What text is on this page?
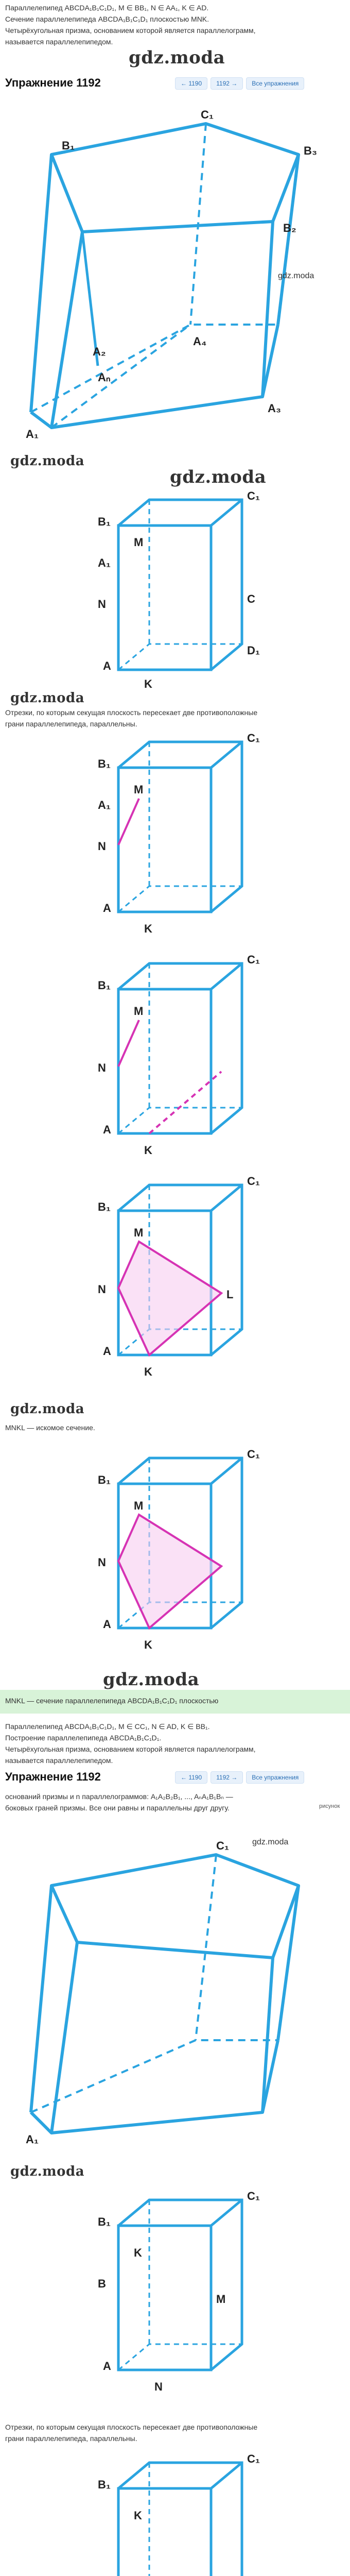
Параллелепипед ABCDA₁B₁C₁D₁, M ∈ BB₁, N ∈ AA₁, K ∈ AD.
Сечение параллелепипеда ABCDA₁B₁C₁D₁ плоскостью MNK.
Четырёхугольная призма, основанием которой является параллелограмм,
называется параллелепипедом.
gdz.moda
← 1190	1192 →	Все упражнения
Упражнение 1192
B₁
C₁
B₂
B₃
A₂
Aₙ
A₁
A₄
A₃
gdz.moda
gdz.moda
gdz.moda
B₁
C₁
A₁
D₁
M
N
A
K
C
gdz.moda
Отрезки, по которым секущая плоскость пересекает две противоположные
грани параллелепипеда, параллельны.
B₁
C₁
A₁
M
N
A
K
B₁
C₁
M
N
A
K
B₁
C₁
M
N	L
A
K
gdz.moda
MNKL — искомое сечение.
B₁
C₁
M
N
A
K
gdz.moda
MNKL — сечение параллелепипеда ABCDA₁B₁C₁D₁ плоскостью
Параллелепипед ABCDA₁B₁C₁D₁, M ∈ CC₁, N ∈ AD, K ∈ BB₁.
Построение параллелепипеда ABCDA₁B₁C₁D₁.
Четырёхугольная призма, основанием которой является параллелограмм,
называется параллелепипедом.
Упражнение 1192	← 1190	1192 →	Все упражнения
оснований призмы и n параллелограммов: A₁A₂B₂B₁, ..., AₙA₁B₁Bₙ —
боковых граней призмы. Все они равны и параллельны друг другу.	рисунок
C₁	gdz.moda
A₁
gdz.moda
B₁
C₁
K
B
M
A
N
Отрезки, по которым секущая плоскость пересекает две противоположные
грани параллелепипеда, параллельны.
B₁
C₁
K
